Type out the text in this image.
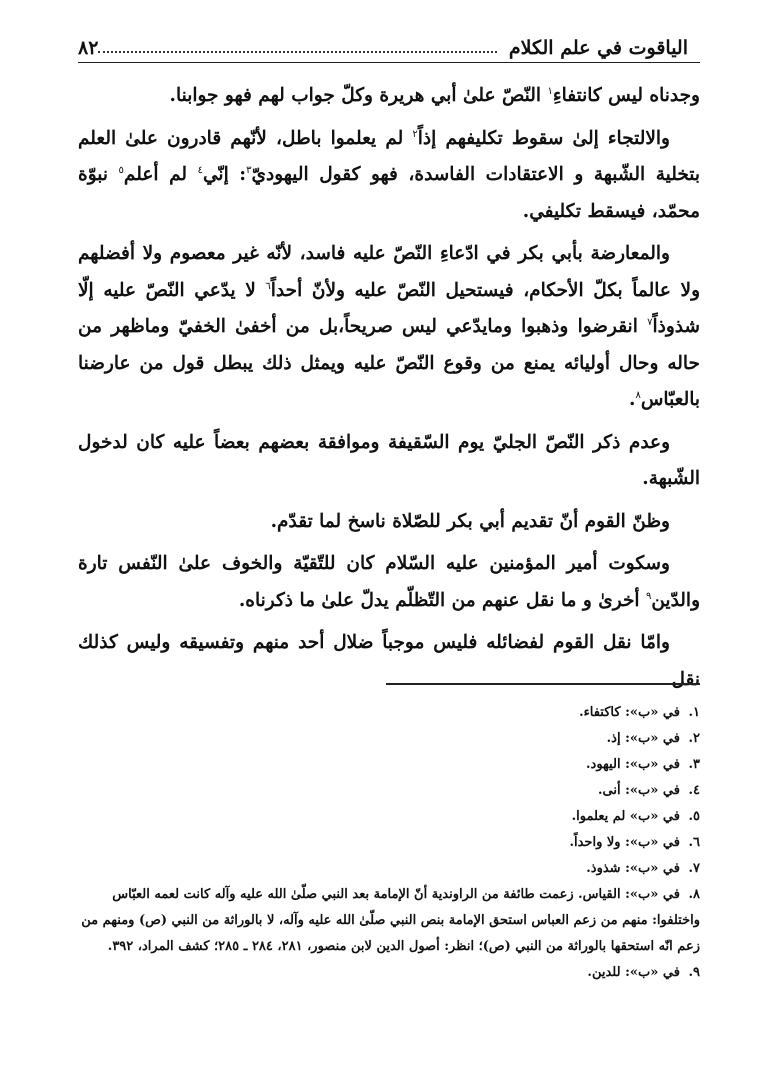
الياقوت في علم الكلام
٨٢

وجدناه ليس كانتفاءِ$^١$ النّصّ علىٰ أبي هريرة وكلّ جواب لهم فهو جوابنا.

والالتجاء إلىٰ سقوط تكليفهم إذاً$^٢$ لم يعلموا باطل، لأنّهم قادرون علىٰ العلم بتخلية الشّبهة و الاعتقادات الفاسدة، فهو كقول اليهوديّ$^٣$: إنّي$^٤$ لم أعلم$^٥$ نبوّة محمّد، فيسقط تكليفي.

والمعارضة بأبي بكر في ادّعاءِ النّصّ عليه فاسد، لأنّه غير معصوم ولا أفضلهم ولا عالماً بكلّ الأحكام، فيستحيل النّصّ عليه ولأنّ أحداً$^٦$ لا يدّعي النّصّ عليه إلّا شذوذاً$^٧$ انقرضوا وذهبوا ومايدّعي ليس صريحاً،بل من أخفىٰ الخفيّ وماظهر من حاله وحال أوليائه يمنع من وقوع النّصّ عليه ويمثل ذلك يبطل قول من عارضنا بالعبّاس$^٨$.

وعدم ذكر النّصّ الجليّ يوم السّقيفة وموافقة بعضهم بعضاً عليه كان لدخول الشّبهة.

وظنّ القوم أنّ تقديم أبي بكر للصّلاة ناسخ لما تقدّم.

وسكوت أمير المؤمنين عليه السّلام كان للتّقيّة والخوف علىٰ النّفس تارة والدّين$^٩$ أخرىٰ و ما نقل عنهم من التّظلّم يدلّ علىٰ ما ذكرناه.

وامّا نقل القوم لفضائله فليس موجباً ضلال أحد منهم وتفسيقه وليس كذلك نقل

١. في «ب»: كاكتفاء.
٢. في «ب»: إذ.
٣. في «ب»: اليهود.
٤. في «ب»: أنى.
٥. في «ب» لم يعلموا.
٦. في «ب»: ولا واحداً.
٧. في «ب»: شذوذ.
٨. في «ب»: القياس. زعمت طائفة من الراوندية أنّ الإمامة بعد النبي صلّىٰ الله عليه وآله كانت لعمه العبّاس واختلفوا: منهم من زعم العباس استحق الإمامة بنص النبي صلّىٰ الله عليه وآله، لا بالوراثة من النبي (ص) ومنهم من زعم انّه استحقها بالوراثة من النبي (ص)؛ انظر: أصول الدين لابن منصور، ٢٨١، ٢٨٤ ـ ٢٨٥؛ كشف المراد، ٣٩٢.
٩. في «ب»: للدين.
